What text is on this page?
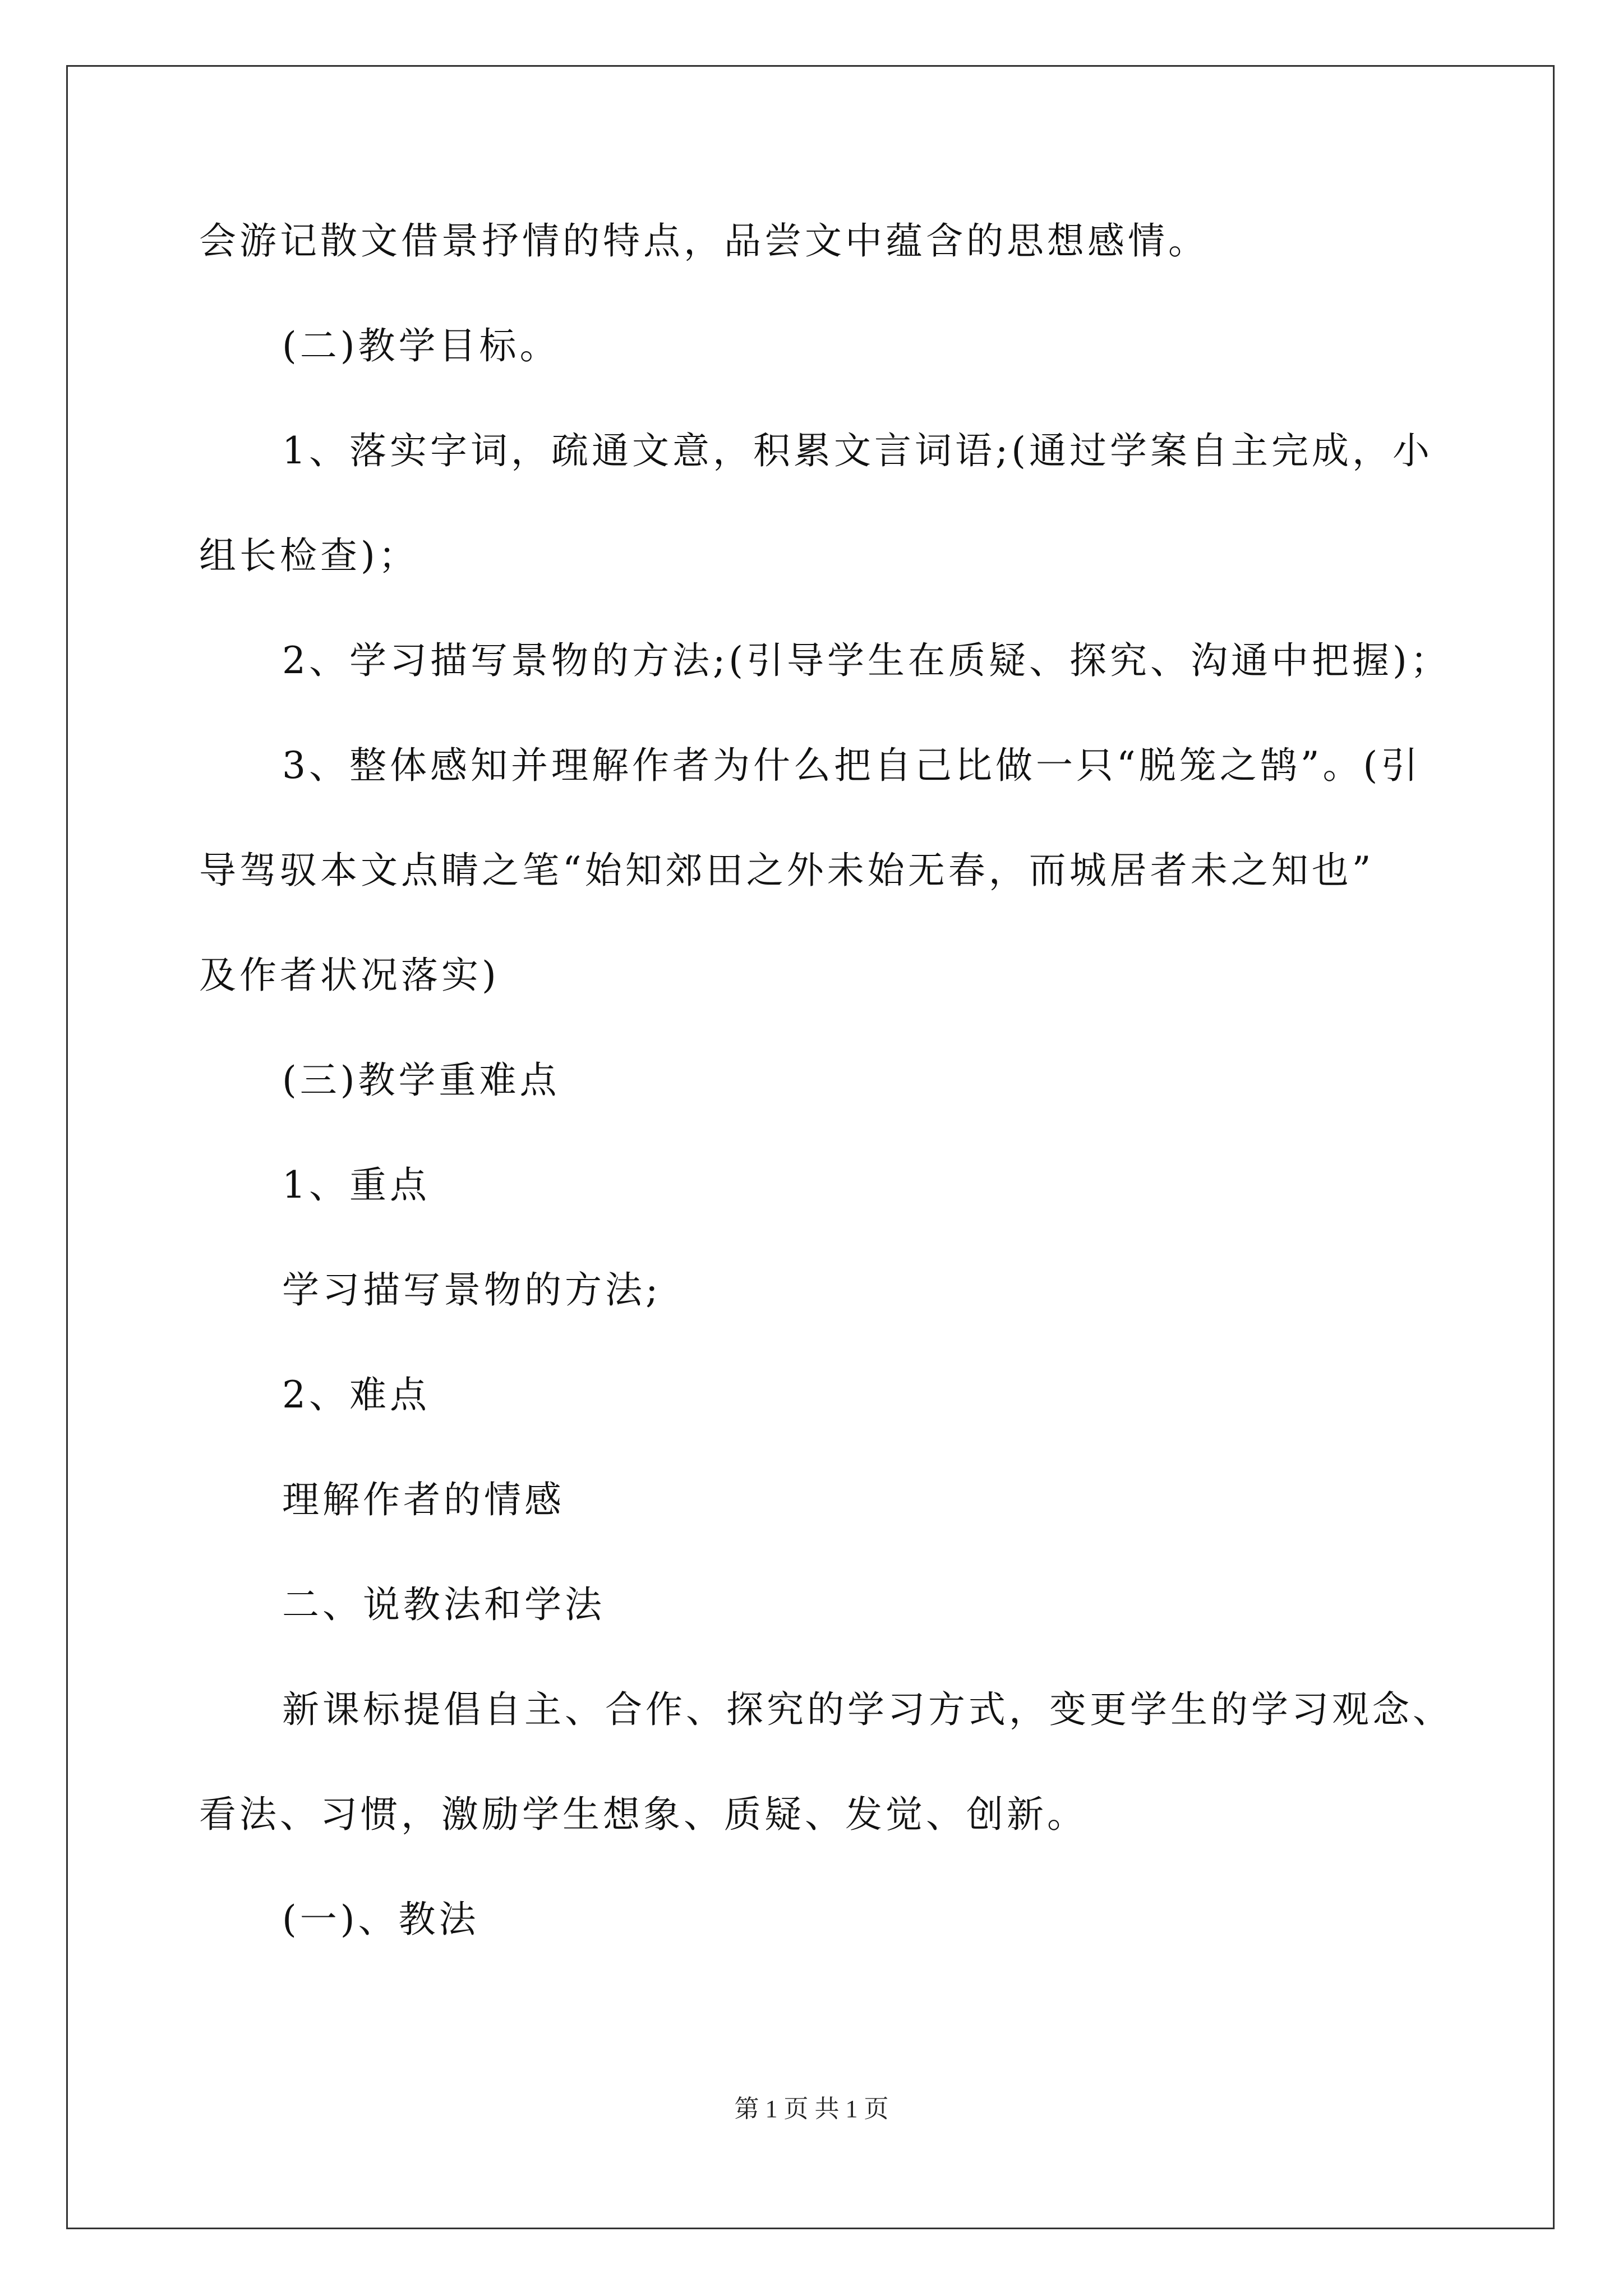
会游记散文借景抒情的特点，品尝文中蕴含的思想感情。
(二)教学目标。
1、落实字词，疏通文意，积累文言词语;(通过学案自主完成，小
组长检查)；
2、学习描写景物的方法;(引导学生在质疑、探究、沟通中把握)；
3、整体感知并理解作者为什么把自己比做一只“脱笼之鹄”。(引
导驾驭本文点睛之笔“始知郊田之外未始无春，而城居者未之知也”
及作者状况落实)
(三)教学重难点
1、重点
学习描写景物的方法;
2、难点
理解作者的情感
二、说教法和学法
新课标提倡自主、合作、探究的学习方式，变更学生的学习观念、
看法、习惯，激励学生想象、质疑、发觉、创新。
(一)、教法
第 1 页 共 1 页
